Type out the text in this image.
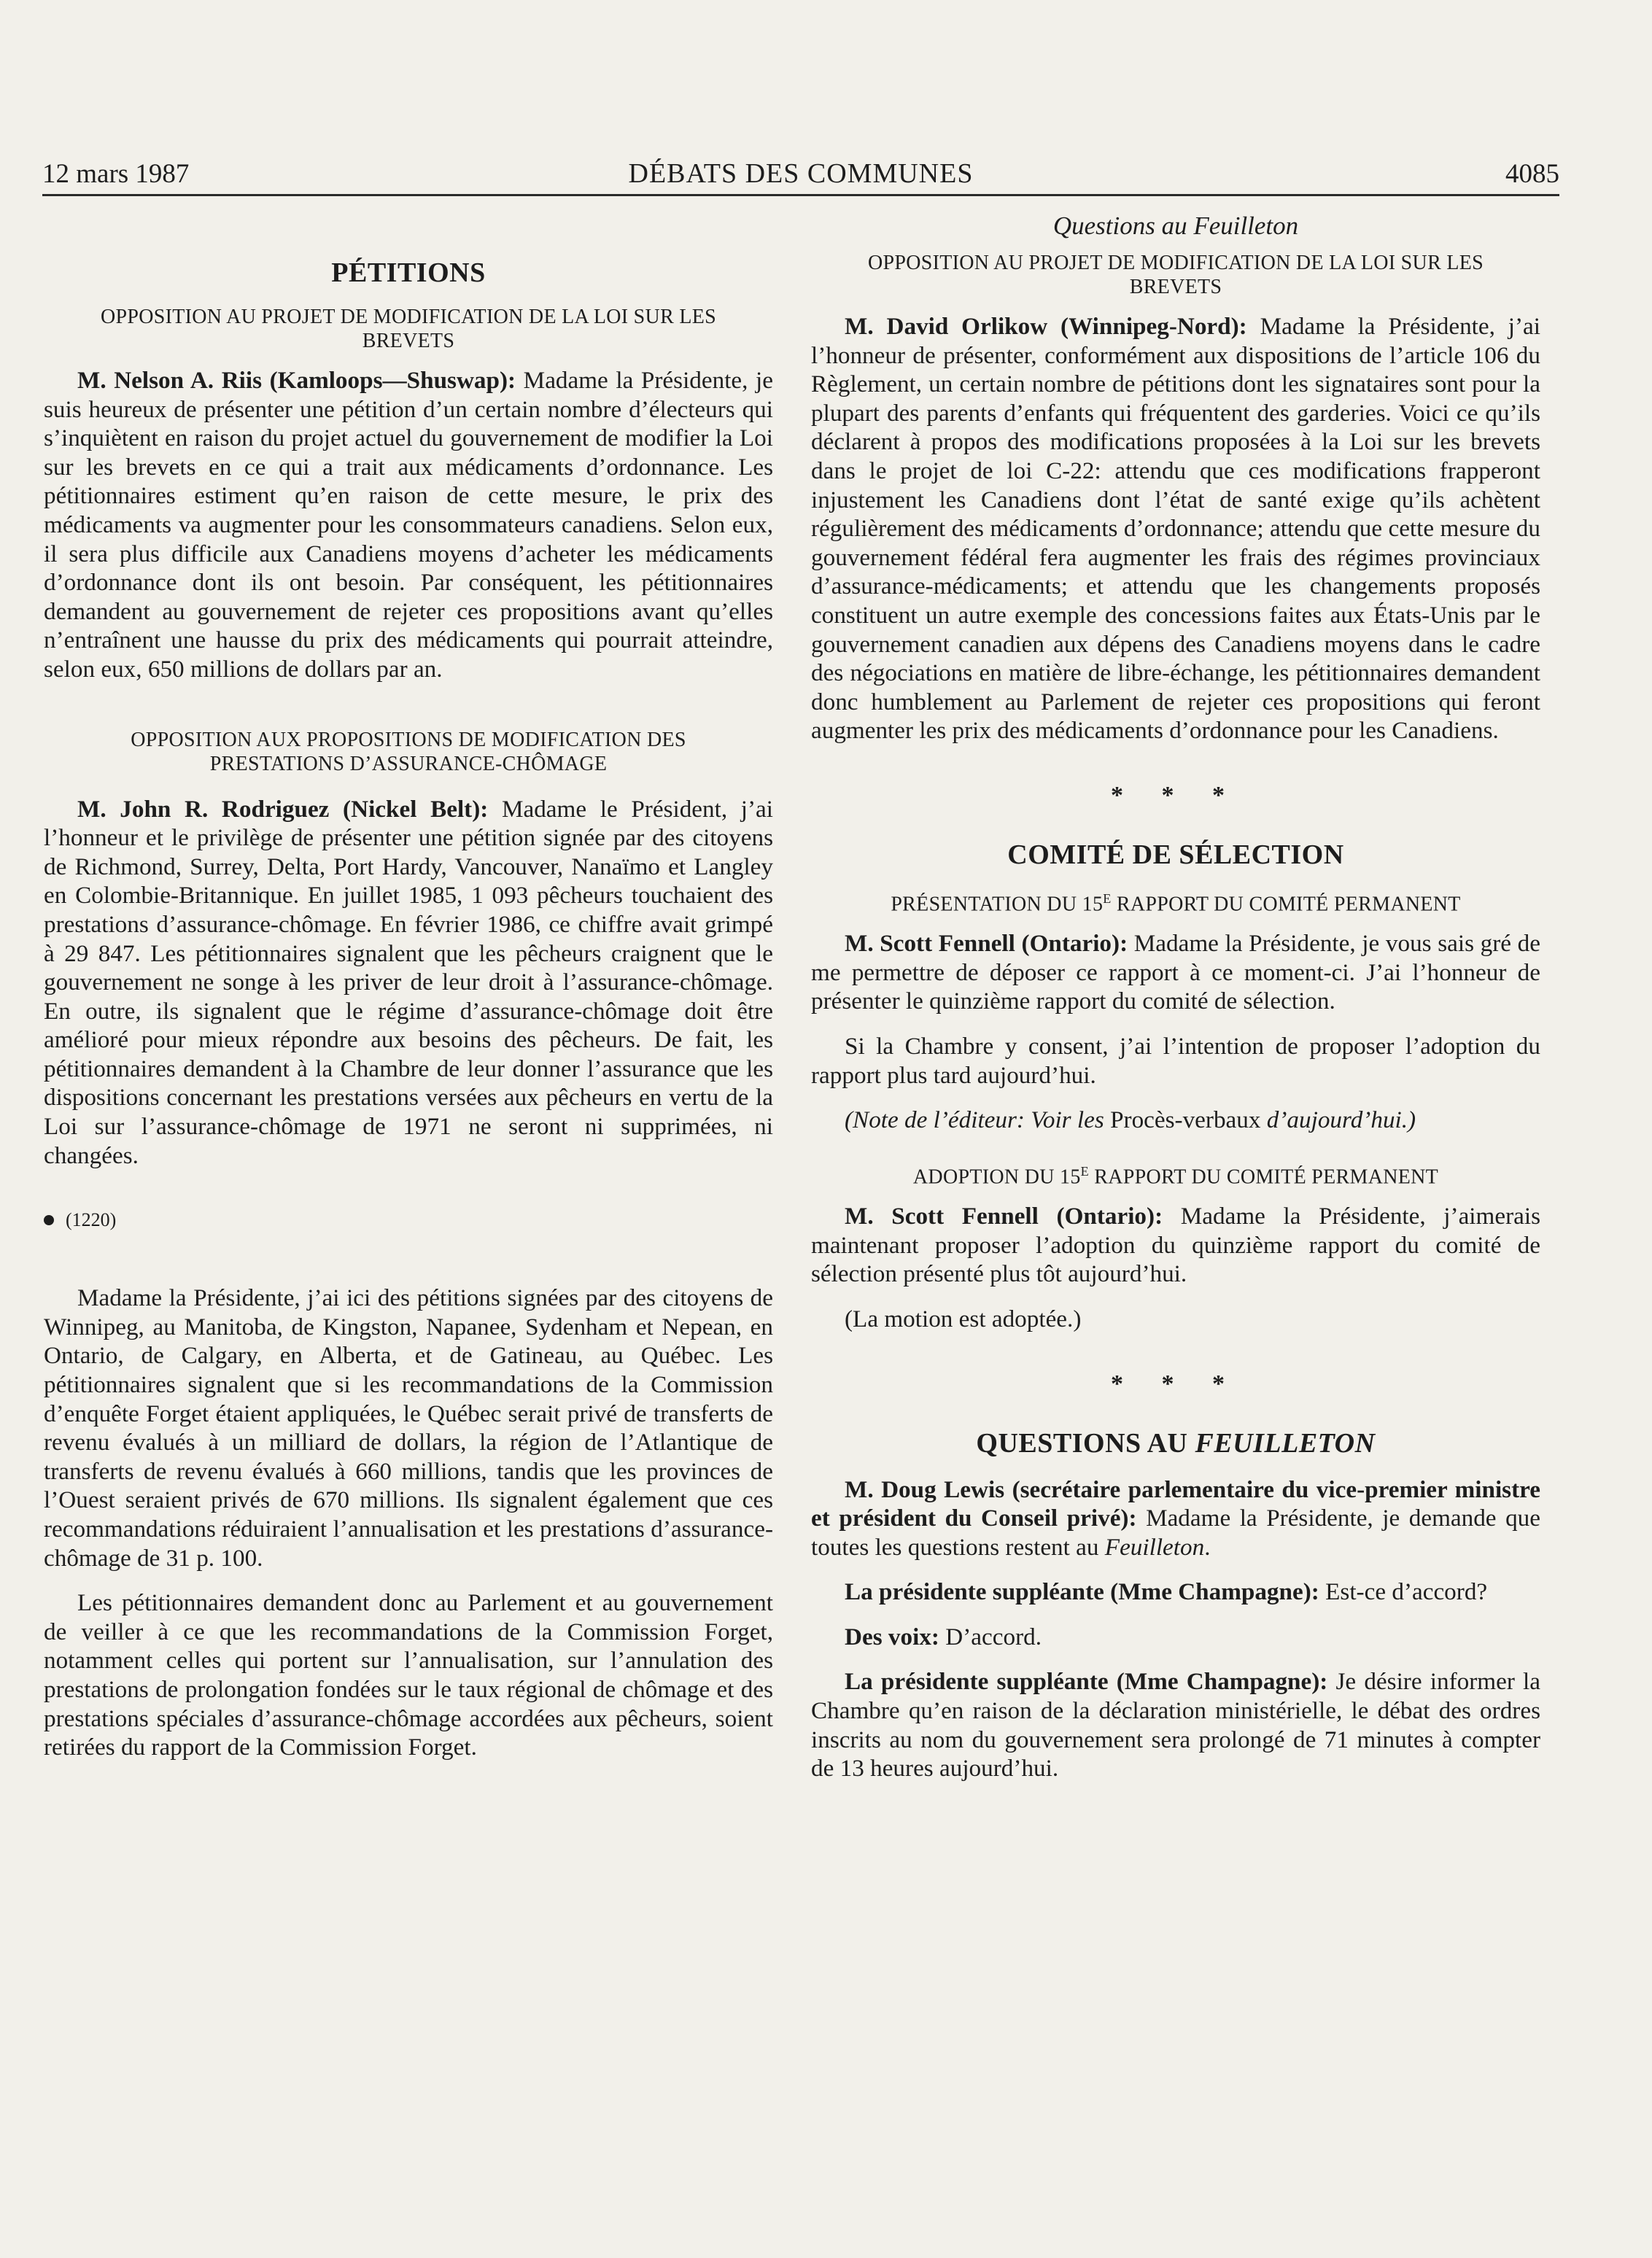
12 mars 1987	DÉBATS DES COMMUNES	4085
PÉTITIONS
OPPOSITION AU PROJET DE MODIFICATION DE LA LOI SUR LES BREVETS

M. Nelson A. Riis (Kamloops—Shuswap): Madame la Présidente, je suis heureux de présenter une pétition d’un certain nombre d’électeurs qui s’inquiètent en raison du projet actuel du gouvernement de modifier la Loi sur les brevets en ce qui a trait aux médicaments d’ordonnance. Les pétitionnaires estiment qu’en raison de cette mesure, le prix des médicaments va augmenter pour les consommateurs canadiens. Selon eux, il sera plus difficile aux Canadiens moyens d’acheter les médicaments d’ordonnance dont ils ont besoin. Par conséquent, les pétitionnaires demandent au gouvernement de rejeter ces propositions avant qu’elles n’entraînent une hausse du prix des médicaments qui pourrait atteindre, selon eux, 650 millions de dollars par an.

OPPOSITION AUX PROPOSITIONS DE MODIFICATION DES PRESTATIONS D’ASSURANCE-CHÔMAGE

M. John R. Rodriguez (Nickel Belt): Madame le Président, j’ai l’honneur et le privilège de présenter une pétition signée par des citoyens de Richmond, Surrey, Delta, Port Hardy, Vancouver, Nanaïmo et Langley en Colombie-Britannique. En juillet 1985, 1 093 pêcheurs touchaient des prestations d’assurance-chômage. En février 1986, ce chiffre avait grimpé à 29 847. Les pétitionnaires signalent que les pêcheurs craignent que le gouvernement ne songe à les priver de leur droit à l’assurance-chômage. En outre, ils signalent que le régime d’assurance-chômage doit être amélioré pour mieux répondre aux besoins des pêcheurs. De fait, les pétitionnaires demandent à la Chambre de leur donner l’assurance que les dispositions concernant les prestations versées aux pêcheurs en vertu de la Loi sur l’assurance-chômage de 1971 ne seront ni supprimées, ni changées.

(1220)

Madame la Présidente, j’ai ici des pétitions signées par des citoyens de Winnipeg, au Manitoba, de Kingston, Napanee, Sydenham et Nepean, en Ontario, de Calgary, en Alberta, et de Gatineau, au Québec. Les pétitionnaires signalent que si les recommandations de la Commission d’enquête Forget étaient appliquées, le Québec serait privé de transferts de revenu évalués à un milliard de dollars, la région de l’Atlantique de transferts de revenu évalués à 660 millions, tandis que les provinces de l’Ouest seraient privés de 670 millions. Ils signalent également que ces recommandations réduiraient l’annualisation et les prestations d’assurance-chômage de 31 p. 100.

Les pétitionnaires demandent donc au Parlement et au gouvernement de veiller à ce que les recommandations de la Commission Forget, notamment celles qui portent sur l’annualisation, sur l’annulation des prestations de prolongation fondées sur le taux régional de chômage et des prestations spéciales d’assurance-chômage accordées aux pêcheurs, soient retirées du rapport de la Commission Forget.

Questions au Feuilleton
OPPOSITION AU PROJET DE MODIFICATION DE LA LOI SUR LES BREVETS

M. David Orlikow (Winnipeg-Nord): Madame la Présidente, j’ai l’honneur de présenter, conformément aux dispositions de l’article 106 du Règlement, un certain nombre de pétitions dont les signataires sont pour la plupart des parents d’enfants qui fréquentent des garderies. Voici ce qu’ils déclarent à propos des modifications proposées à la Loi sur les brevets dans le projet de loi C-22: attendu que ces modifications frapperont injustement les Canadiens dont l’état de santé exige qu’ils achètent régulièrement des médicaments d’ordonnance; attendu que cette mesure du gouvernement fédéral fera augmenter les frais des régimes provinciaux d’assurance-médicaments; et attendu que les changements proposés constituent un autre exemple des concessions faites aux États-Unis par le gouvernement canadien aux dépens des Canadiens moyens dans le cadre des négociations en matière de libre-échange, les pétitionnaires demandent donc humblement au Parlement de rejeter ces propositions qui feront augmenter les prix des médicaments d’ordonnance pour les Canadiens.

* * *
COMITÉ DE SÉLECTION
PRÉSENTATION DU $15^E$ RAPPORT DU COMITÉ PERMANENT

M. Scott Fennell (Ontario): Madame la Présidente, je vous sais gré de me permettre de déposer ce rapport à ce moment-ci. J’ai l’honneur de présenter le quinzième rapport du comité de sélection.

Si la Chambre y consent, j’ai l’intention de proposer l’adoption du rapport plus tard aujourd’hui.

(Note de l’éditeur: Voir les Procès-verbaux d’aujourd’hui.)

ADOPTION DU $15^E$ RAPPORT DU COMITÉ PERMANENT

M. Scott Fennell (Ontario): Madame la Présidente, j’aimerais maintenant proposer l’adoption du quinzième rapport du comité de sélection présenté plus tôt aujourd’hui.

(La motion est adoptée.)

* * *
QUESTIONS AU FEUILLETON

M. Doug Lewis (secrétaire parlementaire du vice-premier ministre et président du Conseil privé): Madame la Présidente, je demande que toutes les questions restent au Feuilleton.

La présidente suppléante (Mme Champagne): Est-ce d’accord?

Des voix: D’accord.

La présidente suppléante (Mme Champagne): Je désire informer la Chambre qu’en raison de la déclaration ministérielle, le débat des ordres inscrits au nom du gouvernement sera prolongé de 71 minutes à compter de 13 heures aujourd’hui.
